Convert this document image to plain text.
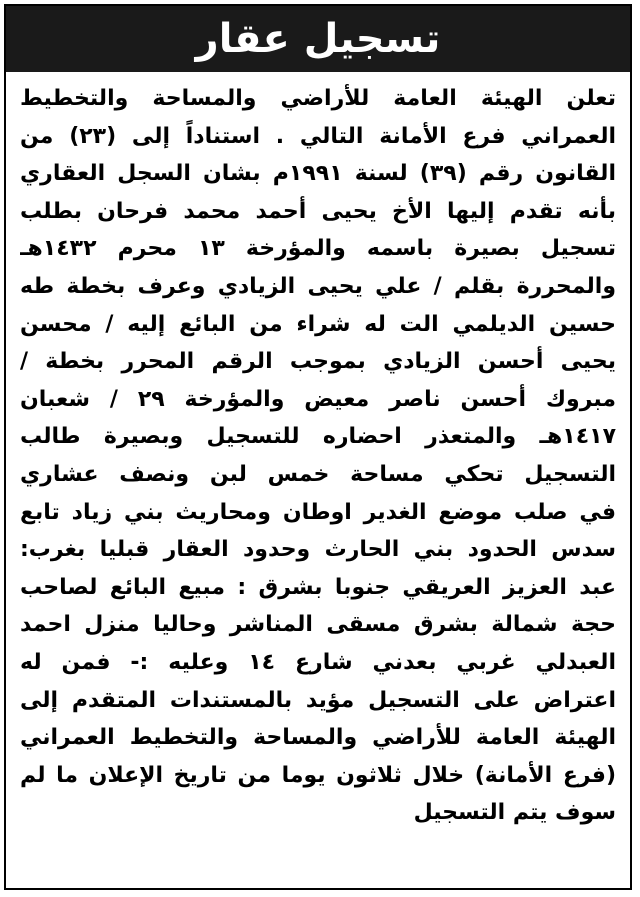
تسجيل عقار
تعلن الهيئة العامة للأراضي والمساحة والتخطيط
العمراني فرع الأمانة التالي . استناداً إلى (٢٣) من
القانون رقم (٣٩) لسنة ١٩٩١م بشان السجل العقاري
بأنه تقدم إليها الأخ يحيى أحمد محمد فرحان بطلب
تسجيل بصيرة باسمه والمؤرخة ١٣ محرم ١٤٣٢هـ
والمحررة بقلم / علي يحيى الزيادي وعرف بخطة طه
حسين الديلمي الت له شراء من البائع إليه / محسن
يحيى أحسن الزيادي بموجب الرقم المحرر بخطة /
مبروك أحسن ناصر معيض والمؤرخة ٢٩ / شعبان
١٤١٧هـ والمتعذر احضاره للتسجيل وبصيرة طالب
التسجيل تحكي مساحة خمس لبن ونصف عشاري
في صلب موضع الغدير اوطان ومحاريث بني زياد تابع
سدس الحدود بني الحارث وحدود العقار قبليا بغرب:
عبد العزيز العريقي جنوبا بشرق : مبيع البائع لصاحب
حجة شمالة بشرق مسقى المناشر وحاليا منزل احمد
العبدلي غربي بعدني شارع ١٤ وعليه :- فمن له
اعتراض على التسجيل مؤيد بالمستندات المتقدم إلى
الهيئة العامة للأراضي والمساحة والتخطيط العمراني
(فرع الأمانة) خلال ثلاثون يوما من تاريخ الإعلان ما لم
سوف يتم التسجيل
